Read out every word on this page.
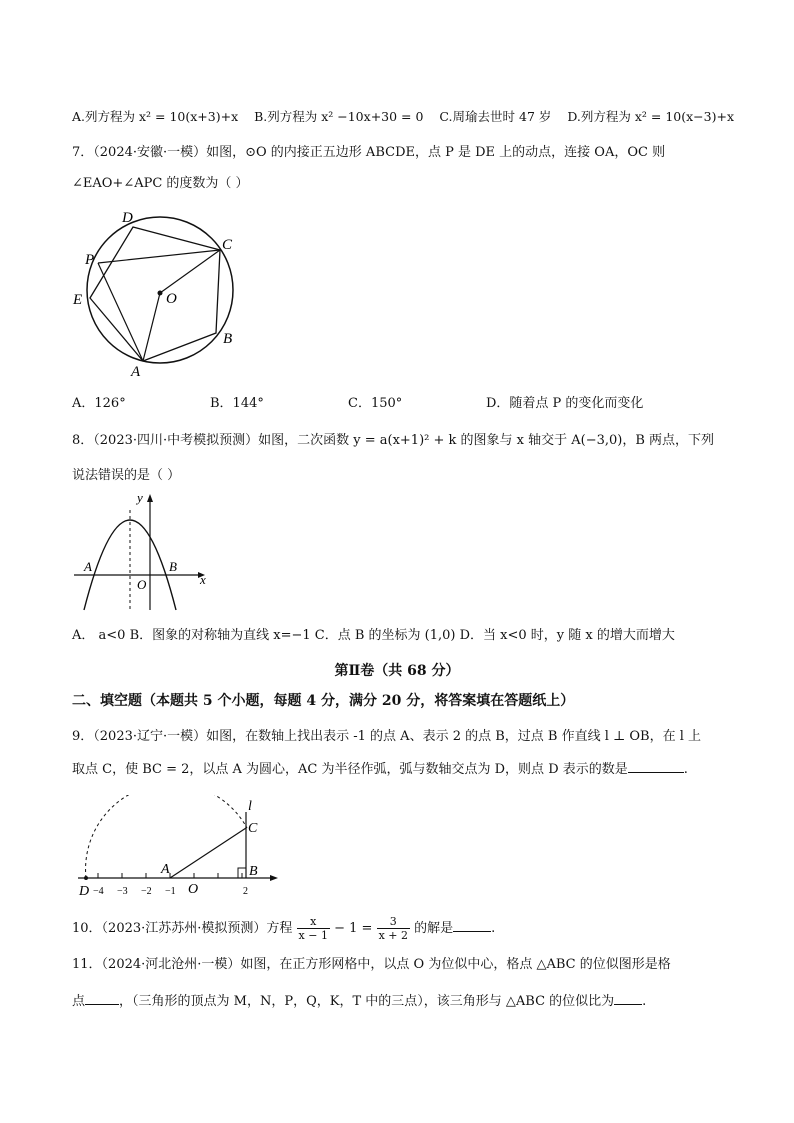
A.列方程为 x² = 10(x+3)+x B.列方程为 x² −10x+30 = 0 C.周瑜去世时 47 岁 D.列方程为 x² = 10(x−3)+x
7．（2024·安徽·一模）如图，⊙O 的内接正五边形 ABCDE，点 P 是 DE 上的动点，连接 OA，OC 则
∠EAO+∠APC 的度数为（ ）
D
C
P
E	O
B
A
A．126°	B．144°	C．150°	D．随着点 P 的变化而变化
8．（2023·四川·中考模拟预测）如图，二次函数 y = a(x+1)² + k 的图象与 x 轴交于 A(−3,0)，B 两点，下列
说法错误的是（ ）
y
x
A
O
B
A． a<0 B．图象的对称轴为直线 x=−1 C．点 B 的坐标为 (1,0) D．当 x<0 时，y 随 x 的增大而增大
第Ⅱ卷（共 68 分）
二、填空题（本题共 5 个小题，每题 4 分，满分 20 分，将答案填在答题纸上）
9．（2023·辽宁·一模）如图，在数轴上找出表示 -1 的点 A、表示 2 的点 B，过点 B 作直线 l ⊥ OB，在 l 上
取点 C，使 BC = 2，以点 A 为圆心，AC 为半径作弧，弧与数轴交点为 D，则点 D 表示的数是	.
l
C
A	B
D	O
−4 −3 −2 −1	2
10．（2023·江苏苏州·模拟预测）方程 $\frac{x}{x - 1} - 1 = \frac{3}{x + 2}$ 的解是	.
11．（2024·河北沧州·一模）如图，在正方形网格中，以点 O 为位似中心，格点 △ABC 的位似图形是格
点	，（三角形的顶点为 M，N，P，Q，K，T 中的三点），该三角形与 △ABC 的位似比为 .
